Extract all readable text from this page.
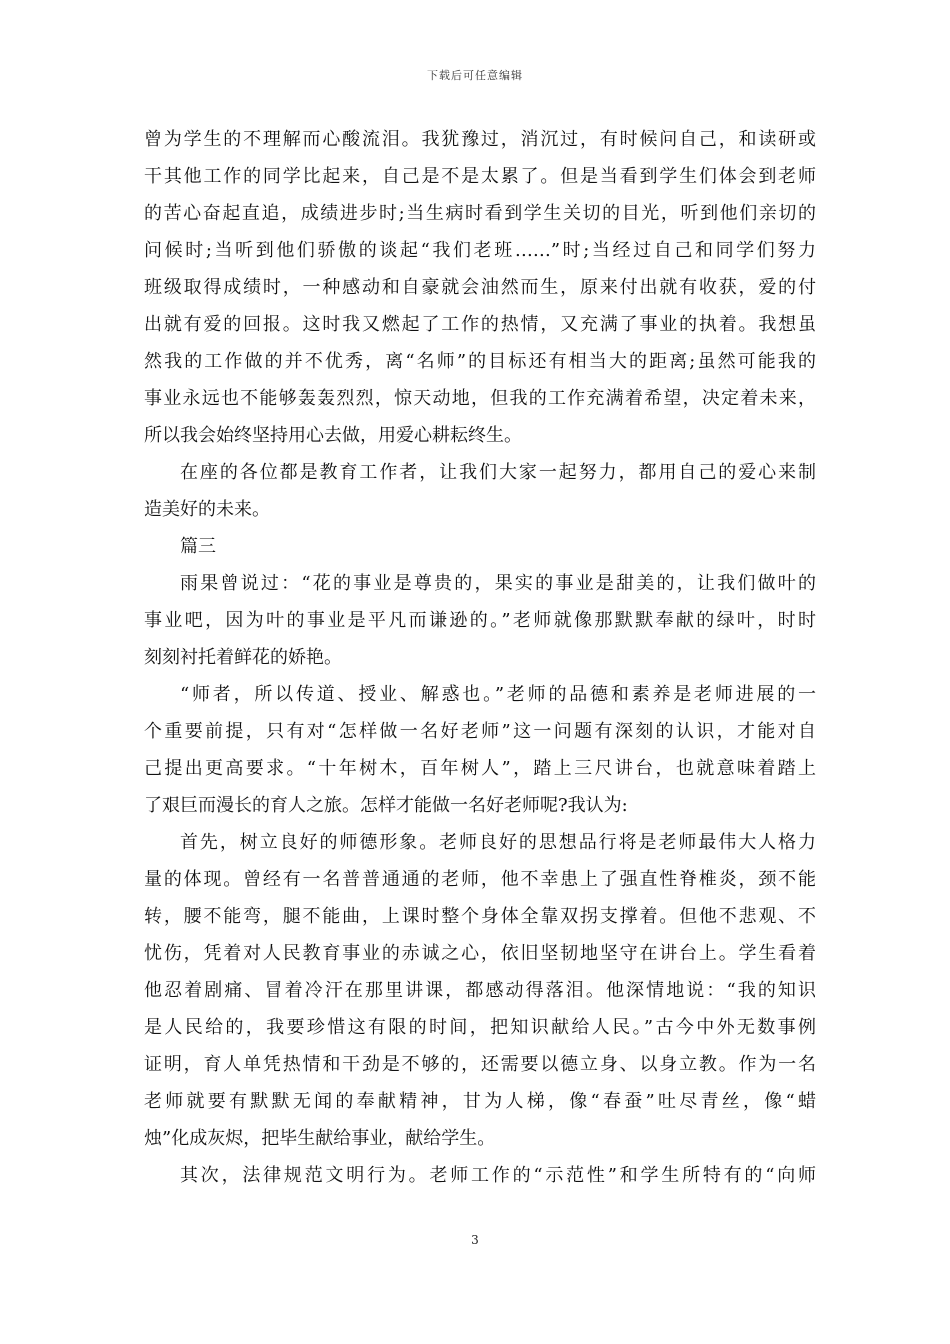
下载后可任意编辑
曾为学生的不理解而心酸流泪。我犹豫过，消沉过，有时候问自己，和读研或
干其他工作的同学比起来，自己是不是太累了。但是当看到学生们体会到老师
的苦心奋起直追，成绩进步时;当生病时看到学生关切的目光，听到他们亲切的
问候时;当听到他们骄傲的谈起“我们老班……”时;当经过自己和同学们努力
班级取得成绩时，一种感动和自豪就会油然而生，原来付出就有收获，爱的付
出就有爱的回报。这时我又燃起了工作的热情，又充满了事业的执着。我想虽
然我的工作做的并不优秀，离“名师”的目标还有相当大的距离;虽然可能我的
事业永远也不能够轰轰烈烈，惊天动地，但我的工作充满着希望，决定着未来，
所以我会始终坚持用心去做，用爱心耕耘终生。
在座的各位都是教育工作者，让我们大家一起努力，都用自己的爱心来制
造美好的未来。
篇三
雨果曾说过：“花的事业是尊贵的，果实的事业是甜美的，让我们做叶的
事业吧，因为叶的事业是平凡而谦逊的。”老师就像那默默奉献的绿叶，时时
刻刻衬托着鲜花的娇艳。
“师者，所以传道、授业、解惑也。”老师的品德和素养是老师进展的一
个重要前提，只有对“怎样做一名好老师”这一问题有深刻的认识，才能对自
己提出更高要求。“十年树木，百年树人”，踏上三尺讲台，也就意味着踏上
了艰巨而漫长的育人之旅。怎样才能做一名好老师呢?我认为:
首先，树立良好的师德形象。老师良好的思想品行将是老师最伟大人格力
量的体现。曾经有一名普普通通的老师，他不幸患上了强直性脊椎炎，颈不能
转，腰不能弯，腿不能曲，上课时整个身体全靠双拐支撑着。但他不悲观、不
忧伤，凭着对人民教育事业的赤诚之心，依旧坚韧地坚守在讲台上。学生看着
他忍着剧痛、冒着冷汗在那里讲课，都感动得落泪。他深情地说：“我的知识
是人民给的，我要珍惜这有限的时间，把知识献给人民。”古今中外无数事例
证明，育人单凭热情和干劲是不够的，还需要以德立身、以身立教。作为一名
老师就要有默默无闻的奉献精神，甘为人梯，像“春蚕”吐尽青丝，像“蜡
烛”化成灰烬，把毕生献给事业，献给学生。
其次，法律规范文明行为。老师工作的“示范性”和学生所特有的“向师
3
